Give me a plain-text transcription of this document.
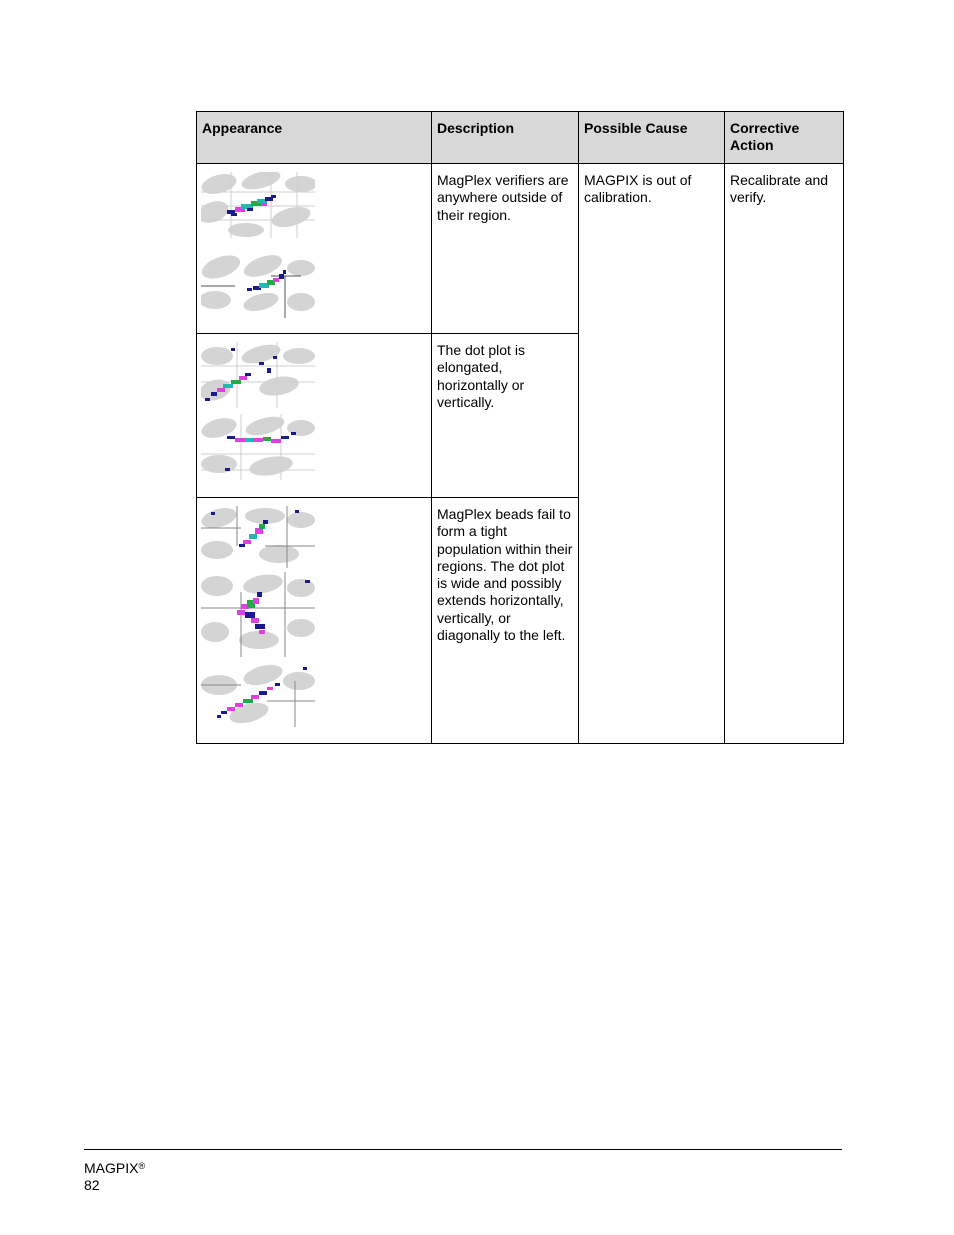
Appearance	Description	Possible Cause	Corrective Action

	MagPlex verifiers are anywhere outside of their region.	MAGPIX is out of calibration.	Recalibrate and verify.

	The dot plot is elongated, horizontally or vertically.		

	MagPlex beads fail to form a tight population within their regions. The dot plot is wide and possibly extends horizontally, vertically, or diagonally to the left.		
MAGPIX®
82
